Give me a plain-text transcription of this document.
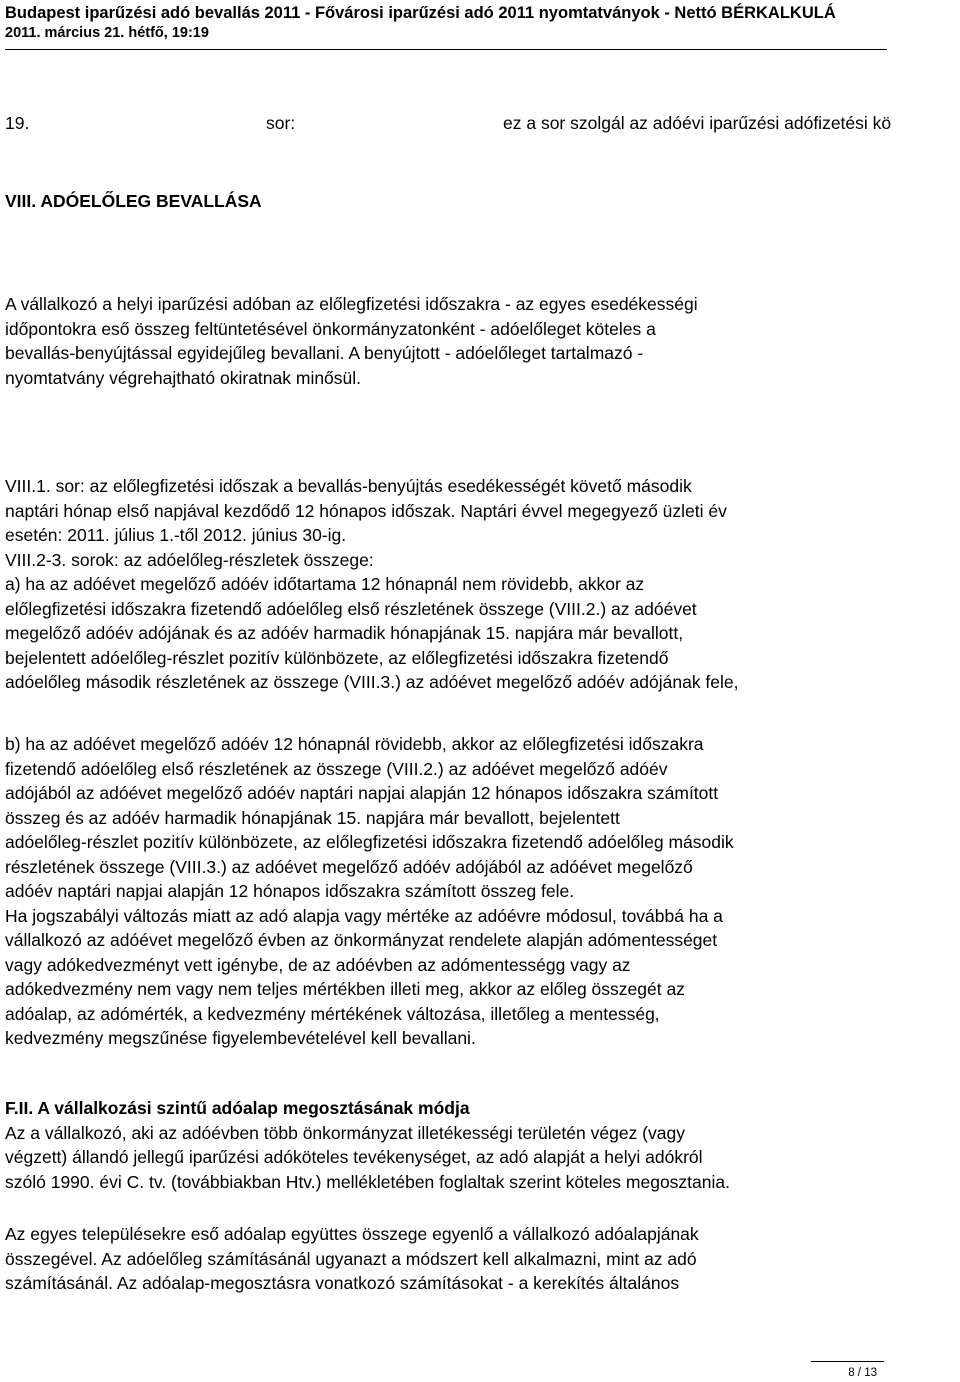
Budapest iparűzési adó bevallás 2011 - Fővárosi iparűzési adó 2011 nyomtatványok - Nettó BÉRKALKULÁ
2011. március 21. hétfő, 19:19
19.	sor:	ez a sor szolgál az adóévi iparűzési adófizetési kö
VIII. ADÓELŐLEG BEVALLÁSA
A vállalkozó a helyi iparűzési adóban az előlegfizetési időszakra - az egyes esedékességi
időpontokra eső összeg feltüntetésével önkormányzatonként - adóelőleget köteles a
bevallás-benyújtással egyidejűleg bevallani. A benyújtott - adóelőleget tartalmazó -
nyomtatvány végrehajtható okiratnak minősül.
VIII.1. sor: az előlegfizetési időszak a bevallás-benyújtás esedékességét követő második
naptári hónap első napjával kezdődő 12 hónapos időszak. Naptári évvel megegyező üzleti év
esetén: 2011. július 1.-től 2012. június 30-ig.
VIII.2-3. sorok: az adóelőleg-részletek összege:
a) ha az adóévet megelőző adóév időtartama 12 hónapnál nem rövidebb, akkor az
előlegfizetési időszakra fizetendő adóelőleg első részletének összege (VIII.2.) az adóévet
megelőző adóév adójának és az adóév harmadik hónapjának 15. napjára már bevallott,
bejelentett adóelőleg-részlet pozitív különbözete, az előlegfizetési időszakra fizetendő
adóelőleg második részletének az összege (VIII.3.) az adóévet megelőző adóév adójának fele,
b) ha az adóévet megelőző adóév 12 hónapnál rövidebb, akkor az előlegfizetési időszakra
fizetendő adóelőleg első részletének az összege (VIII.2.) az adóévet megelőző adóév
adójából az adóévet megelőző adóév naptári napjai alapján 12 hónapos időszakra számított
összeg és az adóév harmadik hónapjának 15. napjára már bevallott, bejelentett
adóelőleg-részlet pozitív különbözete, az előlegfizetési időszakra fizetendő adóelőleg második
részletének összege (VIII.3.) az adóévet megelőző adóév adójából az adóévet megelőző
adóév naptári napjai alapján 12 hónapos időszakra számított összeg fele.
Ha jogszabályi változás miatt az adó alapja vagy mértéke az adóévre módosul, továbbá ha a
vállalkozó az adóévet megelőző évben az önkormányzat rendelete alapján adómentességet
vagy adókedvezményt vett igénybe, de az adóévben az adómentességg vagy az
adókedvezmény nem vagy nem teljes mértékben illeti meg, akkor az előleg összegét az
adóalap, az adómérték, a kedvezmény mértékének változása, illetőleg a mentesség,
kedvezmény megszűnése figyelembevételével kell bevallani.
F.II. A vállalkozási szintű adóalap megosztásának módja
Az a vállalkozó, aki az adóévben több önkormányzat illetékességi területén végez (vagy
végzett) állandó jellegű iparűzési adóköteles tevékenységet, az adó alapját a helyi adókról
szóló 1990. évi C. tv. (továbbiakban Htv.) mellékletében foglaltak szerint köteles megosztania.
Az egyes településekre eső adóalap együttes összege egyenlő a vállalkozó adóalapjának
összegével. Az adóelőleg számításánál ugyanazt a módszert kell alkalmazni, mint az adó
számításánál. Az adóalap-megosztásra vonatkozó számításokat - a kerekítés általános
8 / 13
